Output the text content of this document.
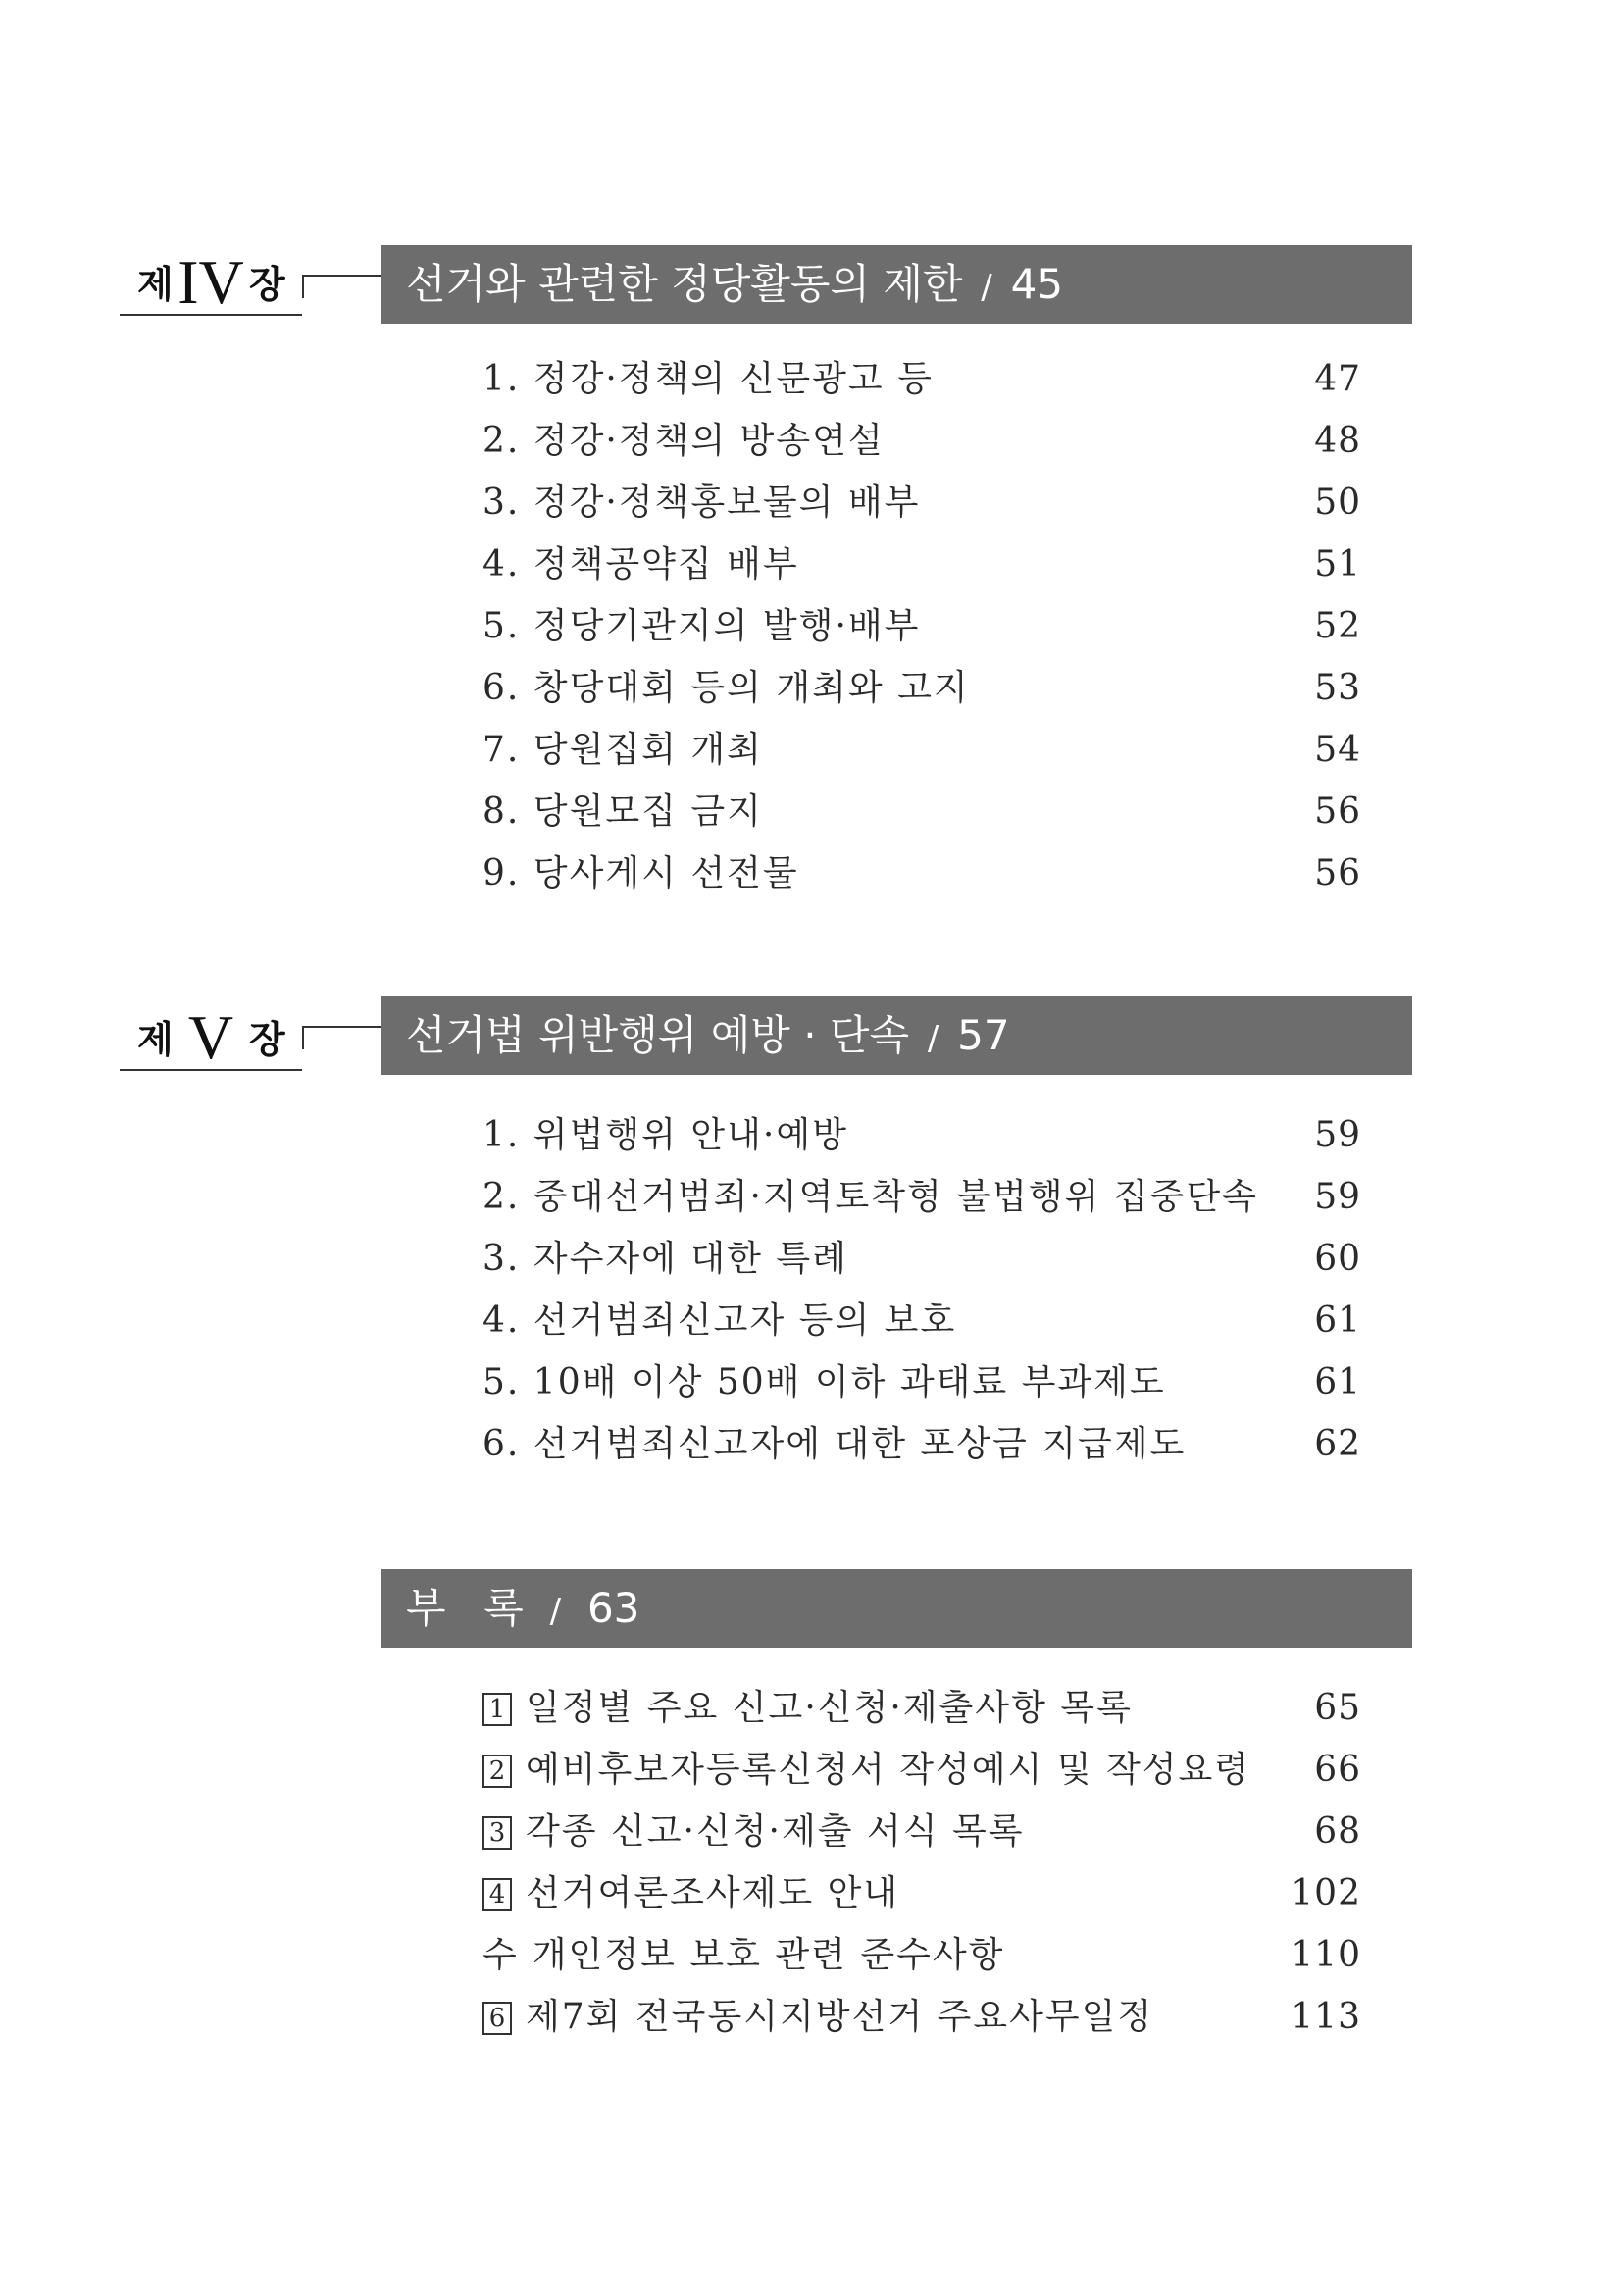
제 IV 장	선거와 관련한 정당활동의 제한 / 45
1. 정강·정책의 신문광고 등	47
2. 정강·정책의 방송연설	48
3. 정강·정책홍보물의 배부	50
4. 정책공약집 배부	51
5. 정당기관지의 발행·배부	52
6. 창당대회 등의 개최와 고지	53
7. 당원집회 개최	54
8. 당원모집 금지	56
9. 당사게시 선전물	56
제 V 장	선거법 위반행위 예방 · 단속 / 57
1. 위법행위 안내·예방	59
2. 중대선거범죄·지역토착형 불법행위 집중단속 59
3. 자수자에 대한 특례	60
4. 선거범죄신고자 등의 보호	61
5. 10배 이상 50배 이하 과태료 부과제도	61
6. 선거범죄신고자에 대한 포상금 지급제도	62
부  록 / 63
1 일정별 주요 신고·신청·제출사항 목록	65
2 예비후보자등록신청서 작성예시 및 작성요령 66
3 각종 신고·신청·제출 서식 목록	68
4 선거여론조사제도 안내	102
수 개인정보 보호 관련 준수사항	110
6 제7회 전국동시지방선거 주요사무일정	113
